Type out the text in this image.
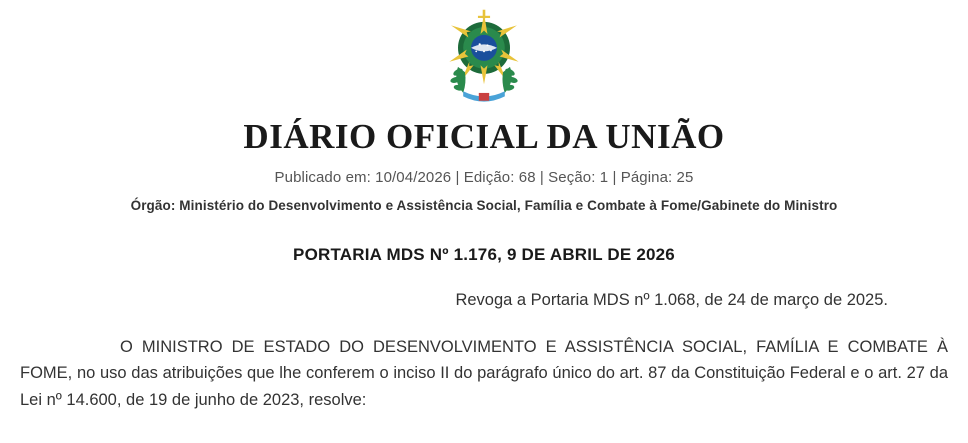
DIÁRIO OFICIAL DA UNIÃO
Publicado em: 10/04/2026 | Edição: 68 | Seção: 1 | Página: 25
Órgão: Ministério do Desenvolvimento e Assistência Social, Família e Combate à Fome/Gabinete do Ministro
PORTARIA MDS Nº 1.176, 9 DE ABRIL DE 2026
Revoga a Portaria MDS nº 1.068, de 24 de março de 2025.
O MINISTRO DE ESTADO DO DESENVOLVIMENTO E ASSISTÊNCIA SOCIAL, FAMÍLIA E COMBATE À FOME, no uso das atribuições que lhe conferem o inciso II do parágrafo único do art. 87 da Constituição Federal e o art. 27 da Lei nº 14.600, de 19 de junho de 2023, resolve:
